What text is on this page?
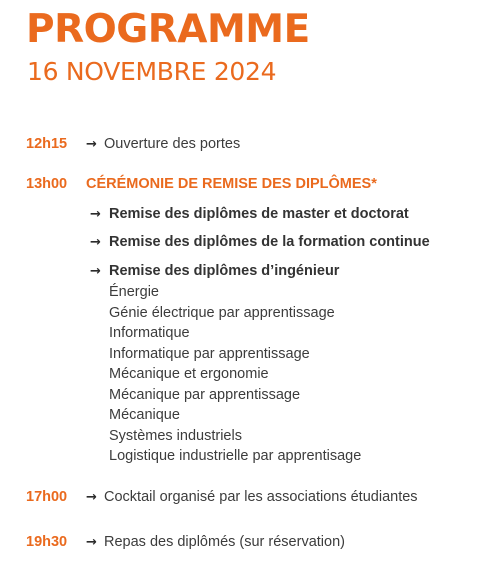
PROGRAMME
16 NOVEMBRE 2024
12h15 → Ouverture des portes
13h00 CÉRÉMONIE DE REMISE DES DIPLÔMES*
→ Remise des diplômes de master et doctorat
→ Remise des diplômes de la formation continue
→ Remise des diplômes d’ingénieur
Énergie
Génie électrique par apprentissage
Informatique
Informatique par apprentissage
Mécanique et ergonomie
Mécanique par apprentissage
Mécanique
Systèmes industriels
Logistique industrielle par apprentisage
17h00 → Cocktail organisé par les associations étudiantes
19h30 → Repas des diplômés (sur réservation)
